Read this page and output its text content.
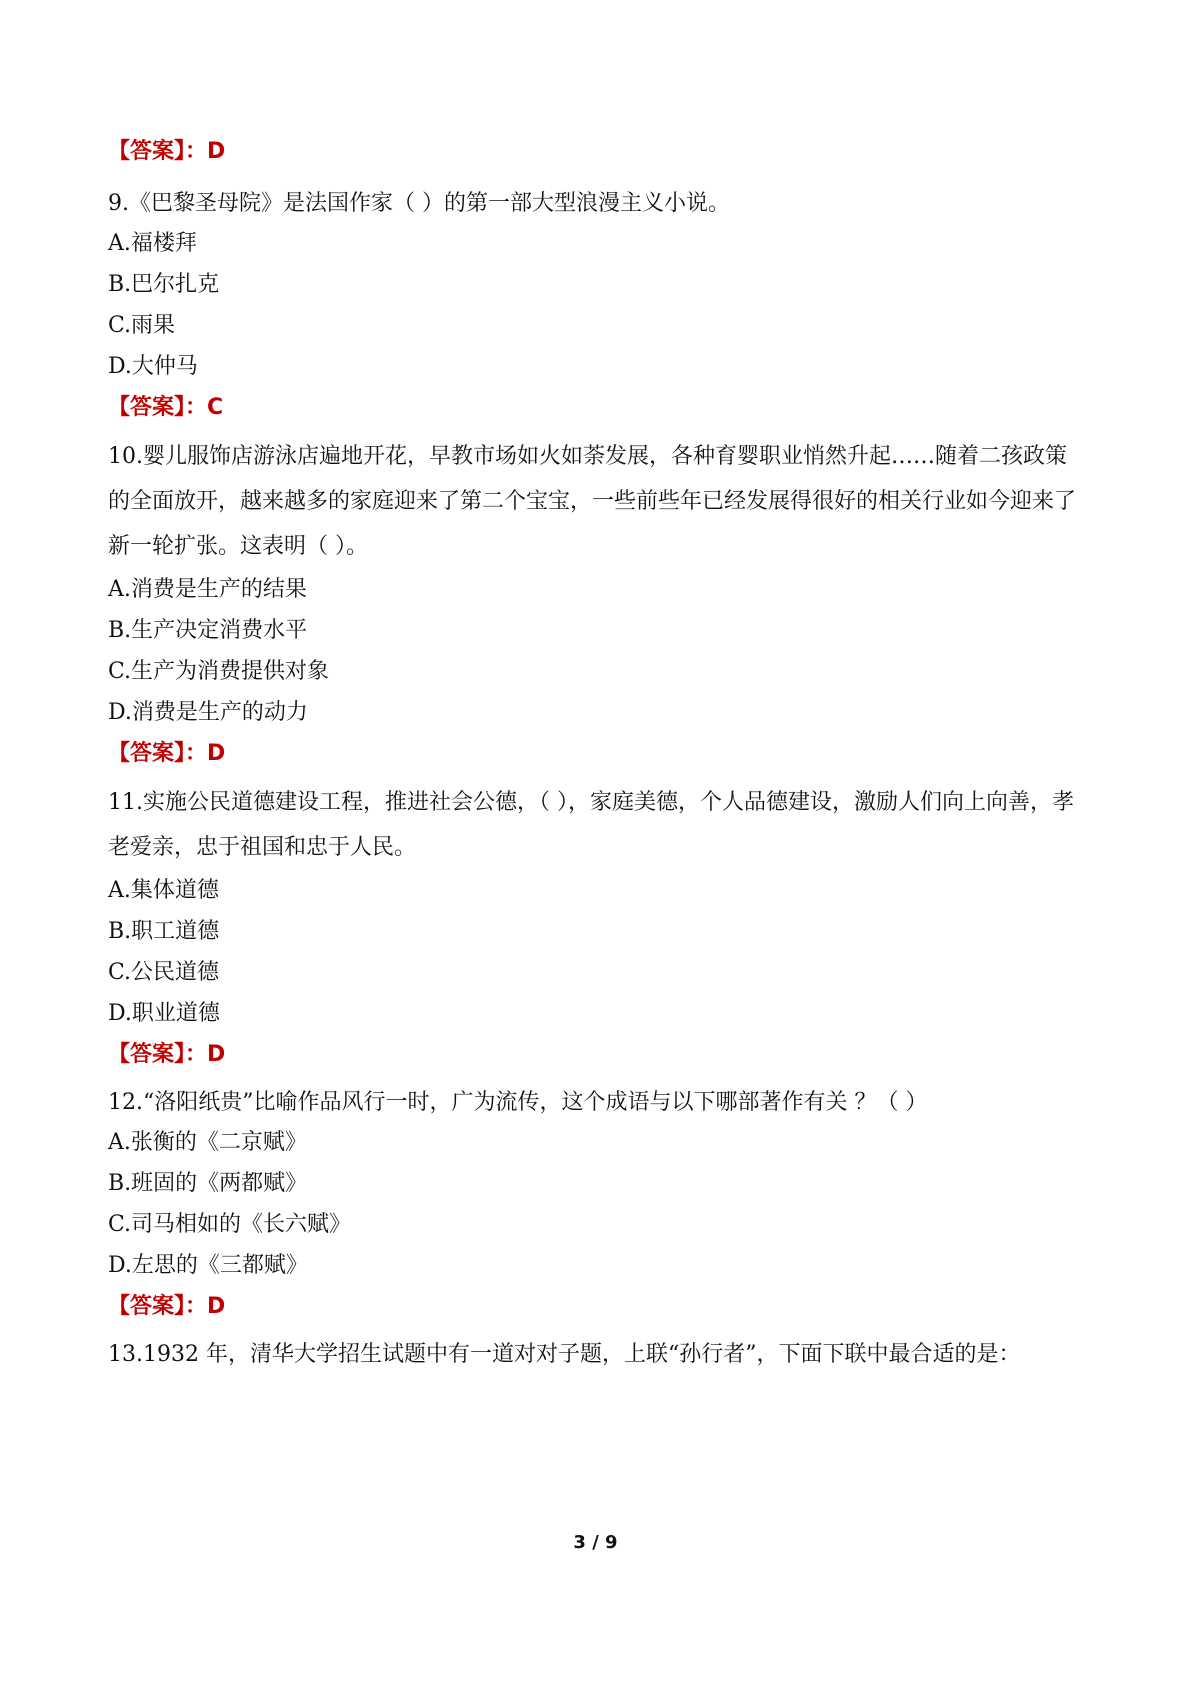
【答案】：D

9.《巴黎圣母院》是法国作家（ ）的第一部大型浪漫主义小说。

A.福楼拜

B.巴尔扎克

C.雨果

D.大仲马

【答案】：C

10.婴儿服饰店游泳店遍地开花，早教市场如火如荼发展，各种育婴职业悄然升起……随着二孩政策的全面放开，越来越多的家庭迎来了第二个宝宝，一些前些年已经发展得很好的相关行业如今迎来了新一轮扩张。这表明（ ）。

A.消费是生产的结果

B.生产决定消费水平

C.生产为消费提供对象

D.消费是生产的动力

【答案】：D

11.实施公民道德建设工程，推进社会公德，（ ），家庭美德，个人品德建设，激励人们向上向善，孝老爱亲，忠于祖国和忠于人民。

A.集体道德

B.职工道德

C.公民道德

D.职业道德

【答案】：D

12.“洛阳纸贵”比喻作品风行一时，广为流传，这个成语与以下哪部著作有关 ？（ ）

A.张衡的《二京赋》

B.班固的《两都赋》

C.司马相如的《长六赋》

D.左思的《三都赋》

【答案】：D

13.1932 年，清华大学招生试题中有一道对对子题，上联“孙行者”，下面下联中最合适的是：

3 / 9
